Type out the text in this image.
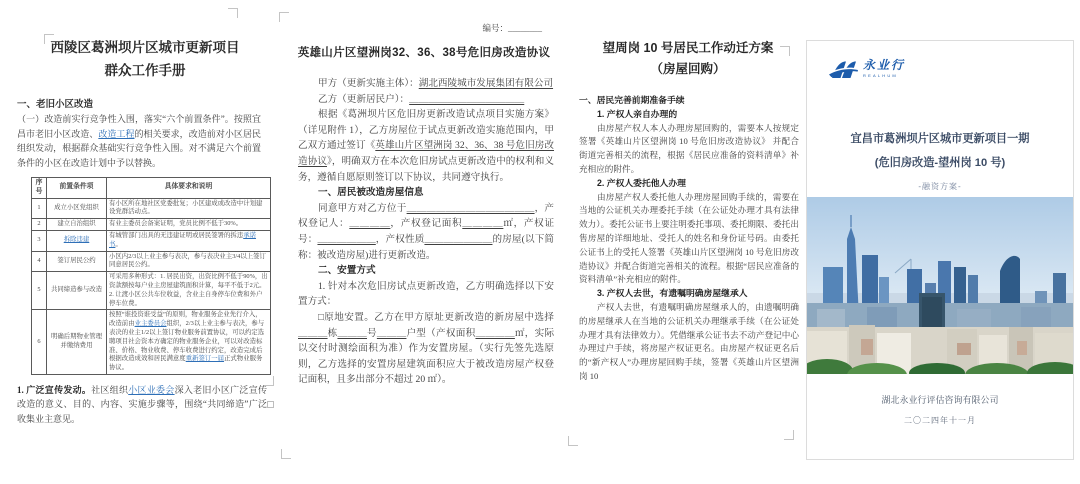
西陵区葛洲坝片区城市更新项目
群众工作手册
一、老旧小区改造

（一）改造前实行竞争性入围，落实“六个前置条件”。按照宜昌市老旧小区改造、改造工程的相关要求，改造前对小区居民组织发动，根据群众基础实行竞争性入围。对不满足六个前置条件的小区在改造计划中予以替换。

序号	前置条件项	具体要求和说明
1	成立小区党组织	有小区所在地社区党委批复；小区建成或改造中计划建设党群活动点。
2	建立自治组织	有业主委员会备案证明，党员比例不低于30%。
3	拆除违建	有城管部门出具的无违建证明或居民签署的拆违承诺书。
4	签订居民公约	小区内2/3以上业主参与表决，参与表决业主3/4以上签订同意居民公约。
5	共同缔造参与改造	可采用多种形式：1. 居民出资，出资比例不低于90%，出资款额按每户业主房屋建筑面积计算，每平不低于2元。2. 让渡小区公共车位收益，含业主自身停车位费和外户停车位费。
6	明确后期物业管理并缴纳费用	按照“谁投资谁受益”的原则，物业服务企业先行介入，改造前由业主委员会组织，2/3以上业主参与表决，参与表决的业主1/2以上签订物业服务前置协议，可以约定选聘项目社会资本方确定的物业服务企业，可以对改造标准、价格、物业收费、停车收费进行约定，改造完成后根据改造成效和居民满意度重新签订一届正式物业服务协议。

1. 广泛宣传发动。社区组织小区业委会深入老旧小区广泛宣传改造的意义、目的、内容、实施步骤等，围绕“共同缔造”广泛收集业主意见。

编号：________
英雄山片区望洲岗32、36、38号危旧房改造协议

甲方（更新实施主体）：湖北西陵城市发展集团有限公司

乙方（更新居民户）：＿＿＿＿＿＿＿＿＿＿＿＿

根据《葛洲坝片区危旧房更新改造试点项目实施方案》（详见附件 1），乙方房屋位于试点更新改造实施范围内，甲乙双方通过签订《英雄山片区望洲岗 32、36、38 号危旧房改造协议》，明确双方在本次危旧房试点更新改造中的权利和义务，遵循自愿原则签订以下协议，共同遵守执行。

一、居民被改造房屋信息

同意甲方对乙方位于＿＿＿＿＿＿＿＿＿＿＿＿＿，产权登记人：＿＿＿＿，产权登记面积＿＿＿＿㎡，产权证号：＿＿＿＿＿＿，产权性质＿＿＿＿＿＿＿的房屋(以下简称：被改造房屋)进行更新改造。

二、安置方式

1. 针对本次危旧房试点更新改造，乙方明确选择以下安置方式：

□原地安置。乙方在甲方原址更新改造的新房屋中选择＿＿＿栋＿＿＿号＿＿＿户型（产权面积＿＿＿＿㎡，实际以交付时测绘面积为准）作为安置房屋。（实行先签先选原则，乙方选择的安置房屋建筑面积应大于被改造房屋产权登记面积，且多出部分不超过 20 ㎡）。

望周岗 10 号居民工作动迁方案
（房屋回购）

一、居民完善前期准备手续

1. 产权人亲自办理的

由房屋产权人本人办理房屋回购的，需要本人按规定签署《英雄山片区望洲岗 10 号危旧房改造协议》 并配合街道完善相关的流程，根据《居民应准备的资料清单》补充相应的附件。

2. 产权人委托他人办理

由房屋产权人委托他人办理房屋回购手续的，需要在当地的公证机关办理委托手续（在公证处办理才具有法律效力）。委托公证书上要注明委托事项、委托期限、委托出售房屋的详细地址、受托人的姓名和身份证号码。由委托公证书上的受托人签署《英雄山片区望洲岗 10 号危旧房改造协议》并配合街道完善相关的流程。根据“居民应准备的资料清单”补充相应的附件。

3. 产权人去世，有遗嘱明确房屋继承人

产权人去世，有遗嘱明确房屋继承人的，由遗嘱明确的房屋继承人在当地的公证机关办理继承手续（在公证处办理才具有法律效力）。凭借继承公证书去不动产登记中心办理过户手续，将房屋产权证更名。由房屋产权证更名后的“新产权人”办理房屋回购手续，签署《英雄山片区望洲岗 10

永业行
REALHUM
宜昌市葛洲坝片区城市更新项目一期
(危旧房改造-望州岗 10 号)
-融资方案-
湖北永业行评估咨询有限公司
二〇二四年十一月
